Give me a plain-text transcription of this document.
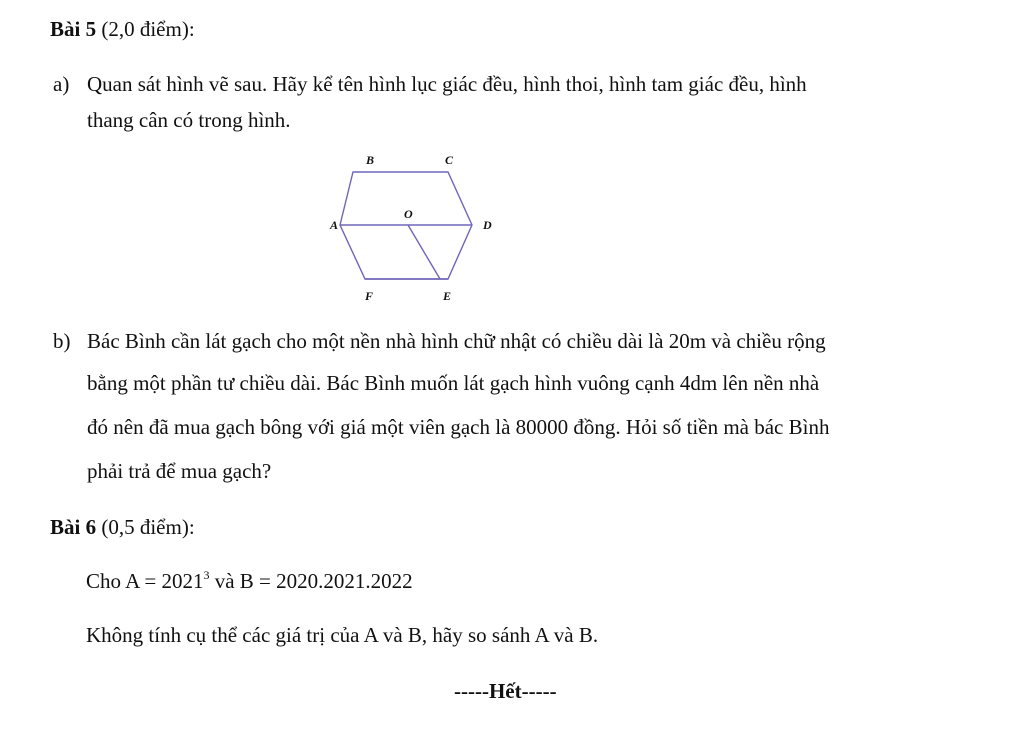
Bài 5 (2,0 điểm):
a) Quan sát hình vẽ sau. Hãy kể tên hình lục giác đều, hình thoi, hình tam giác đều, hình
thang cân có trong hình.
B	C
A
O
D
F	E
b) Bác Bình cần lát gạch cho một nền nhà hình chữ nhật có chiều dài là 20m và chiều rộng
bằng một phần tư chiều dài. Bác Bình muốn lát gạch hình vuông cạnh 4dm lên nền nhà
đó nên đã mua gạch bông với giá một viên gạch là 80000 đồng. Hỏi số tiền mà bác Bình
phải trả để mua gạch?
Bài 6 (0,5 điểm):
Cho $A = 2021^3$ và B = 2020.2021.2022
Không tính cụ thể các giá trị của A và B, hãy so sánh A và B.
-----Hết-----
